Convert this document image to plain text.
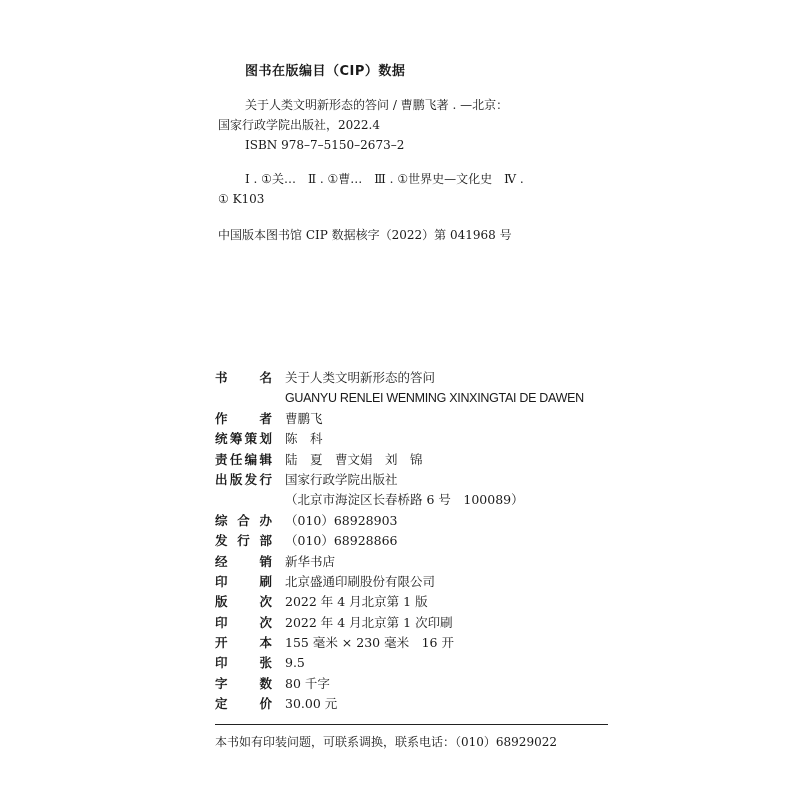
图书在版编目（CIP）数据
关于人类文明新形态的答问 / 曹鹏飞著 . —北京：
国家行政学院出版社，2022.4
ISBN 978–7–5150–2673–2
Ⅰ . ①关…　Ⅱ . ①曹…　Ⅲ . ①世界史—文化史　Ⅳ .
① K103
中国版本图书馆 CIP 数据核字（2022）第 041968 号
书名 关于人类文明新形态的答问
GUANYU RENLEI WENMING XINXINGTAI DE DAWEN
作者 曹鹏飞
统筹策划 陈　科
责任编辑 陆　夏　曹文娟　刘　锦
出版发行 国家行政学院出版社
（北京市海淀区长春桥路 6 号　100089）
综合办 （010）68928903
发行部 （010）68928866
经销 新华书店
印刷 北京盛通印刷股份有限公司
版次 2022 年 4 月北京第 1 版
印次 2022 年 4 月北京第 1 次印刷
开本 155 毫米 × 230 毫米　16 开
印张 9.5
字数 80 千字
定价 30.00 元
本书如有印装问题，可联系调换，联系电话：（010）68929022
